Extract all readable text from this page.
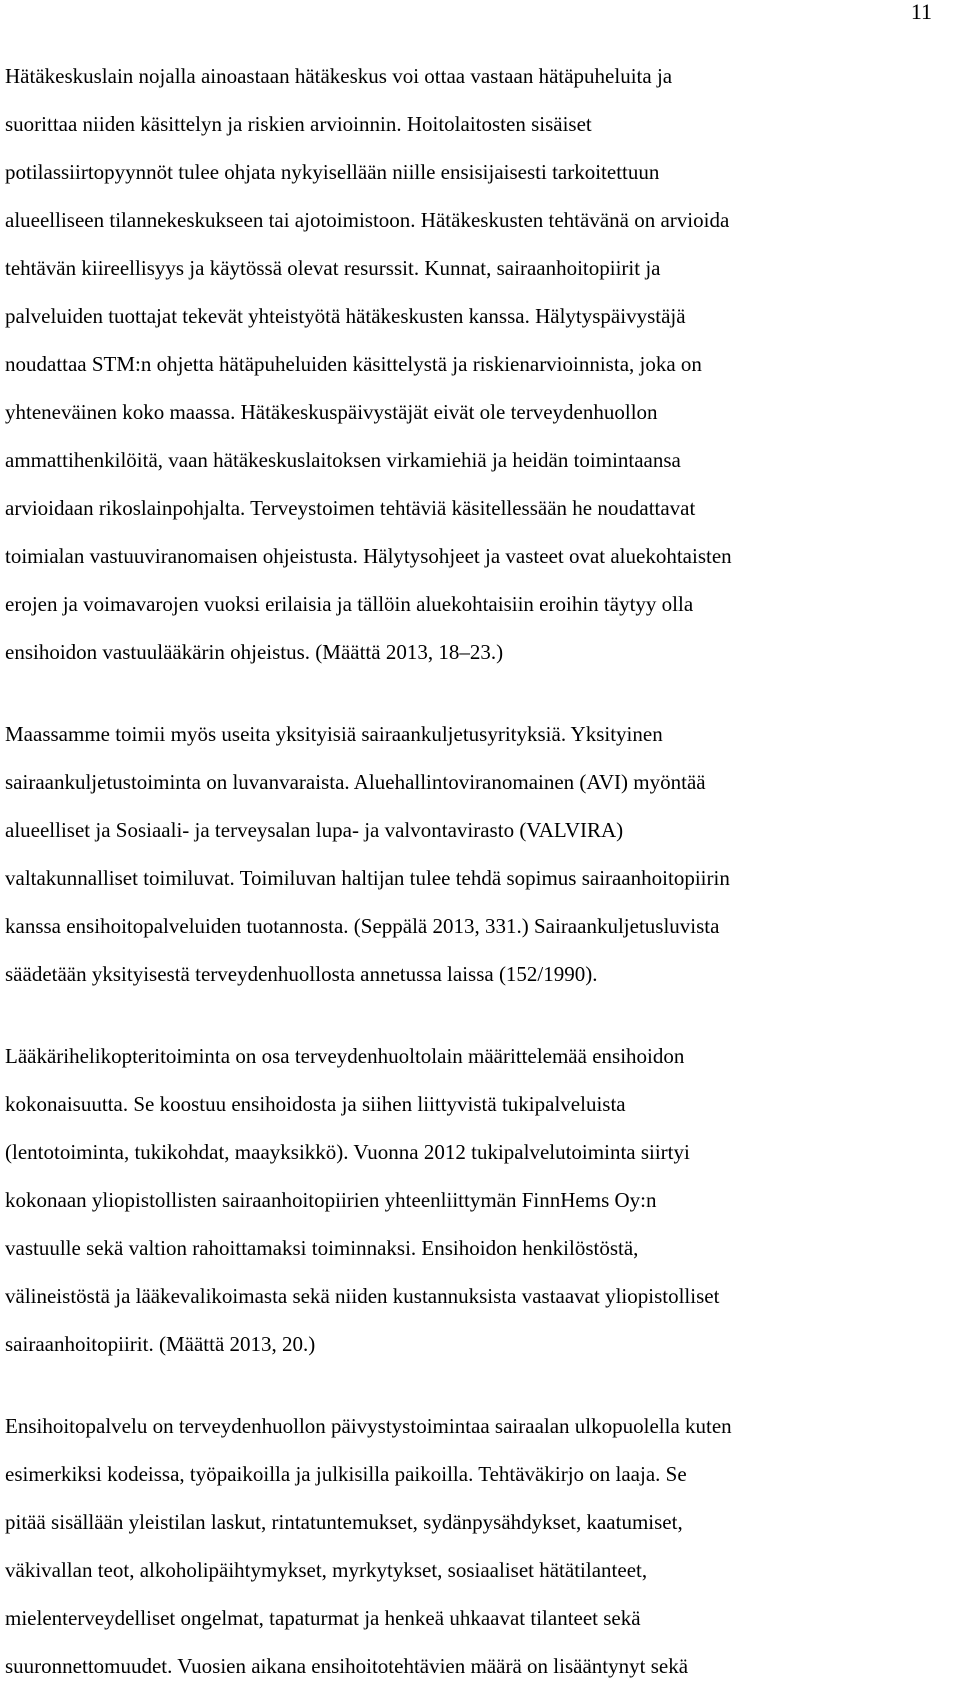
11
Hätäkeskuslain nojalla ainoastaan hätäkeskus voi ottaa vastaan hätäpuheluita ja
suorittaa niiden käsittelyn ja riskien arvioinnin. Hoitolaitosten sisäiset
potilassiirtopyynnöt tulee ohjata nykyisellään niille ensisijaisesti tarkoitettuun
alueelliseen tilannekeskukseen tai ajotoimistoon. Hätäkeskusten tehtävänä on arvioida
tehtävän kiireellisyys ja käytössä olevat resurssit. Kunnat, sairaanhoitopiirit ja
palveluiden tuottajat tekevät yhteistyötä hätäkeskusten kanssa. Hälytyspäivystäjä
noudattaa STM:n ohjetta hätäpuheluiden käsittelystä ja riskienarvioinnista, joka on
yhteneväinen koko maassa. Hätäkeskuspäivystäjät eivät ole terveydenhuollon
ammattihenkilöitä, vaan hätäkeskuslaitoksen virkamiehiä ja heidän toimintaansa
arvioidaan rikoslainpohjalta. Terveystoimen tehtäviä käsitellessään he noudattavat
toimialan vastuuviranomaisen ohjeistusta. Hälytysohjeet ja vasteet ovat aluekohtaisten
erojen ja voimavarojen vuoksi erilaisia ja tällöin aluekohtaisiin eroihin täytyy olla
ensihoidon vastuulääkärin ohjeistus. (Määttä 2013, 18–23.)
Maassamme toimii myös useita yksityisiä sairaankuljetusyrityksiä. Yksityinen
sairaankuljetustoiminta on luvanvaraista. Aluehallintoviranomainen (AVI) myöntää
alueelliset ja Sosiaali- ja terveysalan lupa- ja valvontavirasto (VALVIRA)
valtakunnalliset toimiluvat. Toimiluvan haltijan tulee tehdä sopimus sairaanhoitopiirin
kanssa ensihoitopalveluiden tuotannosta. (Seppälä 2013, 331.) Sairaankuljetusluvista
säädetään yksityisestä terveydenhuollosta annetussa laissa (152/1990).
Lääkärihelikopteritoiminta on osa terveydenhuoltolain määrittelemää ensihoidon
kokonaisuutta. Se koostuu ensihoidosta ja siihen liittyvistä tukipalveluista
(lentotoiminta, tukikohdat, maayksikkö). Vuonna 2012 tukipalvelutoiminta siirtyi
kokonaan yliopistollisten sairaanhoitopiirien yhteenliittymän FinnHems Oy:n
vastuulle sekä valtion rahoittamaksi toiminnaksi. Ensihoidon henkilöstöstä,
välineistöstä ja lääkevalikoimasta sekä niiden kustannuksista vastaavat yliopistolliset
sairaanhoitopiirit. (Määttä 2013, 20.)
Ensihoitopalvelu on terveydenhuollon päivystystoimintaa sairaalan ulkopuolella kuten
esimerkiksi kodeissa, työpaikoilla ja julkisilla paikoilla. Tehtäväkirjo on laaja. Se
pitää sisällään yleistilan laskut, rintatuntemukset, sydänpysähdykset, kaatumiset,
väkivallan teot, alkoholipäihtymykset, myrkytykset, sosiaaliset hätätilanteet,
mielenterveydelliset ongelmat, tapaturmat ja henkeä uhkaavat tilanteet sekä
suuronnettomuudet. Vuosien aikana ensihoitotehtävien määrä on lisääntynyt sekä
